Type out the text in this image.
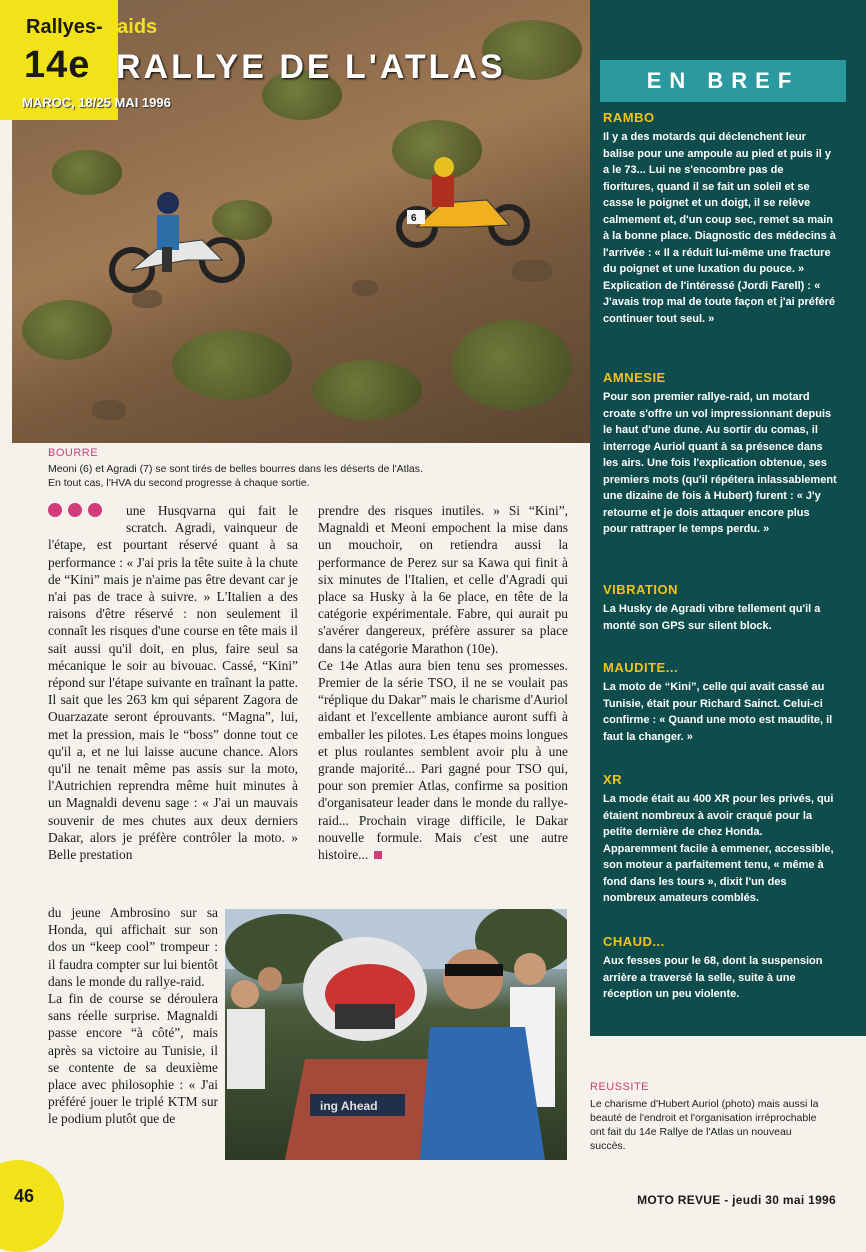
6
Rallyes-Raids
14e RALLYE DE L'ATLAS
MAROC, 18/25 MAI 1996
BOURRE
Meoni (6) et Agradi (7) se sont tirés de belles bourres dans les déserts de l'Atlas.
En tout cas, l'HVA du second progresse à chaque sortie.

une Husqvarna qui fait le scratch. Agradi, vainqueur de l'étape, est pourtant réservé quant à sa performance : « J'ai pris la tête suite à la chute de “Kini” mais je n'aime pas être devant car je n'ai pas de trace à suivre. » L'Italien a des raisons d'être réservé : non seulement il connaît les risques d'une course en tête mais il sait aussi qu'il doit, en plus, faire seul sa mécanique le soir au bivouac. Cassé, “Kini” répond sur l'étape suivante en traînant la patte. Il sait que les 263 km qui séparent Zagora de Ouarzazate seront éprouvants. “Magna”, lui, met la pression, mais le “boss” donne tout ce qu'il a, et ne lui laisse aucune chance. Alors qu'il ne tenait même pas assis sur la moto, l'Autrichien reprendra même huit minutes à un Magnaldi devenu sage : « J'ai un mauvais souvenir de mes chutes aux deux derniers Dakar, alors je préfère contrôler la moto. » Belle prestation

du jeune Ambrosino sur sa Honda, qui affichait sur son dos un “keep cool” trompeur : il faudra compter sur lui bientôt dans le monde du rallye-raid.

La fin de course se déroulera sans réelle surprise. Magnaldi passe encore “à côté”, mais après sa victoire au Tunisie, il se contente de sa deuxième place avec philosophie : « J'ai préféré jouer le triplé KTM sur le podium plutôt que de

prendre des risques inutiles. » Si “Kini”, Magnaldi et Meoni empochent la mise dans un mouchoir, on retiendra aussi la performance de Perez sur sa Kawa qui finit à six minutes de l'Italien, et celle d'Agradi qui place sa Husky à la 6e place, en tête de la catégorie expérimentale. Fabre, qui aurait pu s'avérer dangereux, préfère assurer sa place dans la catégorie Marathon (10e).

Ce 14e Atlas aura bien tenu ses promesses. Premier de la série TSO, il ne se voulait pas “réplique du Dakar” mais le charisme d'Auriol aidant et l'excellente ambiance auront suffi à emballer les pilotes. Les étapes moins longues et plus roulantes semblent avoir plu à une grande majorité... Pari gagné pour TSO qui, pour son premier Atlas, confirme sa position d'organisateur leader dans le monde du rallye-raid... Prochain virage difficile, le Dakar nouvelle formule. Mais c'est une autre histoire...

ing Ahead
EN BREF
RAMBO
Il y a des motards qui déclenchent leur balise pour une ampoule au pied et puis il y a le 73... Lui ne s'encombre pas de fioritures, quand il se fait un soleil et se casse le poignet et un doigt, il se relève calmement et, d'un coup sec, remet sa main à la bonne place. Diagnostic des médecins à l'arrivée : « Il a réduit lui-même une fracture du poignet et une luxation du pouce. » Explication de l'intéressé (Jordi Farell) : « J'avais trop mal de toute façon et j'ai préféré continuer tout seul. »
AMNESIE
Pour son premier rallye-raid, un motard croate s'offre un vol impressionnant depuis le haut d'une dune. Au sortir du comas, il interroge Auriol quant à sa présence dans les airs. Une fois l'explication obtenue, ses premiers mots (qu'il répétera inlassablement une dizaine de fois à Hubert) furent : « J'y retourne et je dois attaquer encore plus pour rattraper le temps perdu. »
VIBRATION
La Husky de Agradi vibre tellement qu'il a monté son GPS sur silent block.
MAUDITE...
La moto de “Kini”, celle qui avait cassé au Tunisie, était pour Richard Sainct. Celui-ci confirme : « Quand une moto est maudite, il faut la changer. »
XR
La mode était au 400 XR pour les privés, qui étaient nombreux à avoir craqué pour la petite dernière de chez Honda. Apparemment facile à emmener, accessible, son moteur a parfaitement tenu, « même à fond dans les tours », dixit l'un des nombreux amateurs comblés.
CHAUD...
Aux fesses pour le 68, dont la suspension arrière a traversé la selle, suite à une réception un peu violente.
REUSSITE
Le charisme d'Hubert Auriol (photo) mais aussi la beauté de l'endroit et l'organisation irréprochable ont fait du 14e Rallye de l'Atlas un nouveau succès.
46	MOTO REVUE - jeudi 30 mai 1996
